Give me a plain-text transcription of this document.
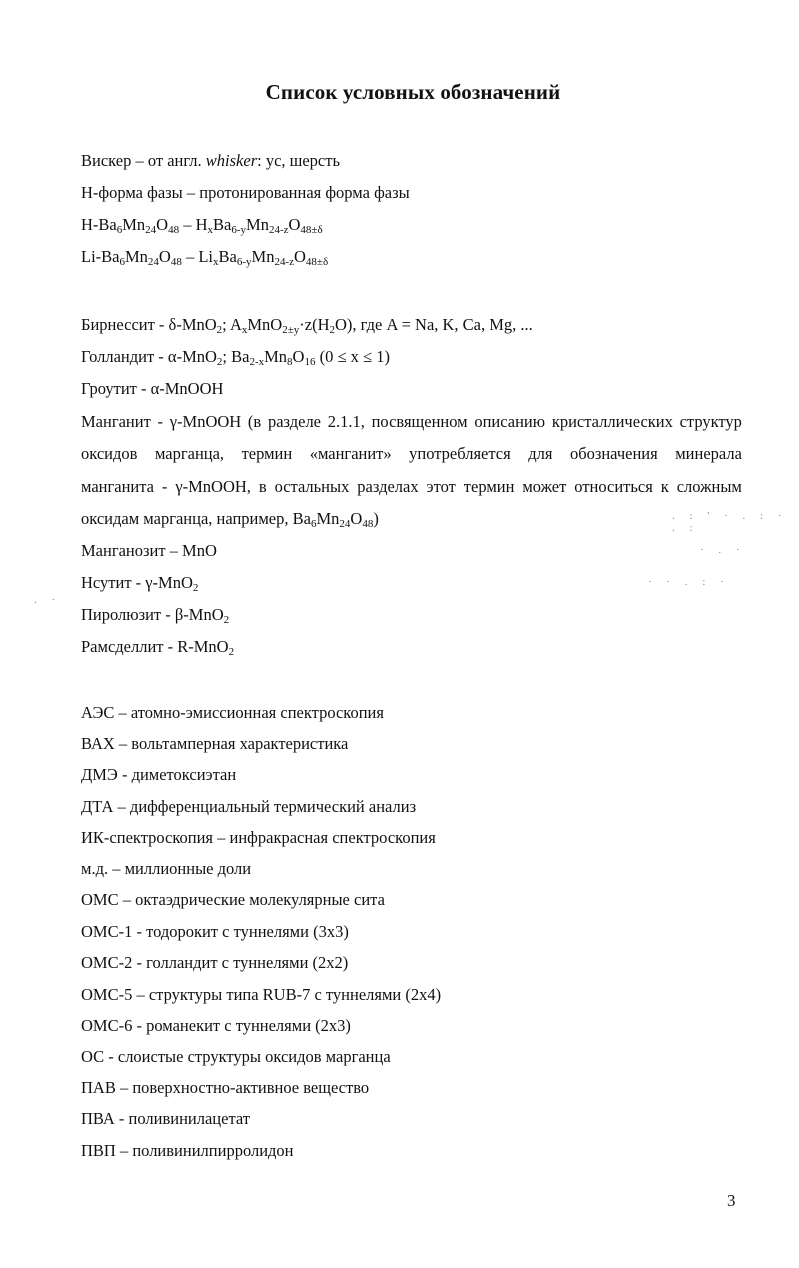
Список условных обозначений
Вискер – от англ. whisker: ус, шерсть
Н-форма фазы – протонированная форма фазы
$H-Ba_6Mn_{24}O_{48} - H_xBa_{6-y}Mn_{24-z}O_{48\pm\delta}$
$Li-Ba_6Mn_{24}O_{48} - Li_xBa_{6-y}Mn_{24-z}O_{48\pm\delta}$
Бирнессит - δ-MnO$_2$; $A_xMnO_{2\pm y}\cdot z(H_2O)$, где A = Na, K, Ca, Mg, ...
Голландит - α-MnO$_2$; $Ba_{2-x}Mn_8O_{16}$ (0 ≤ x ≤ 1)
Гроутит - α-MnOOH
Манганит - γ-MnOOH (в разделе 2.1.1, посвященном описанию кристаллических структур
оксидов марганца, термин «манганит» употребляется для обозначения минерала
манганита - γ-MnOOH, в остальных разделах этот термин может относиться к сложным
оксидам марганца, например, $Ba_6Mn_{24}O_{48}$)
Манганозит – MnO
Нсутит - γ-MnO$_2$
Пиролюзит - β-MnO$_2$
Рамсделлит - R-MnO$_2$
АЭС – атомно-эмиссионная спектроскопия
ВАХ – вольтамперная характеристика
ДМЭ - диметоксиэтан
ДТА – дифференциальный термический анализ
ИК-спектроскопия – инфракрасная спектроскопия
м.д. – миллионные доли
ОМС – октаэдрические молекулярные сита
ОМС-1 - тодорокит с туннелями (3х3)
ОМС-2 - голландит с туннелями (2х2)
ОМС-5 – структуры типа RUB-7 с туннелями (2х4)
ОМС-6 - романекит с туннелями (2х3)
ОС - слоистые структуры оксидов марганца
ПАВ – поверхностно-активное вещество
ПВА - поливинилацетат
ПВП – поливинилпирролидон
. : ' · . : · . :
· . ·
· · . : ·
. ·
3
